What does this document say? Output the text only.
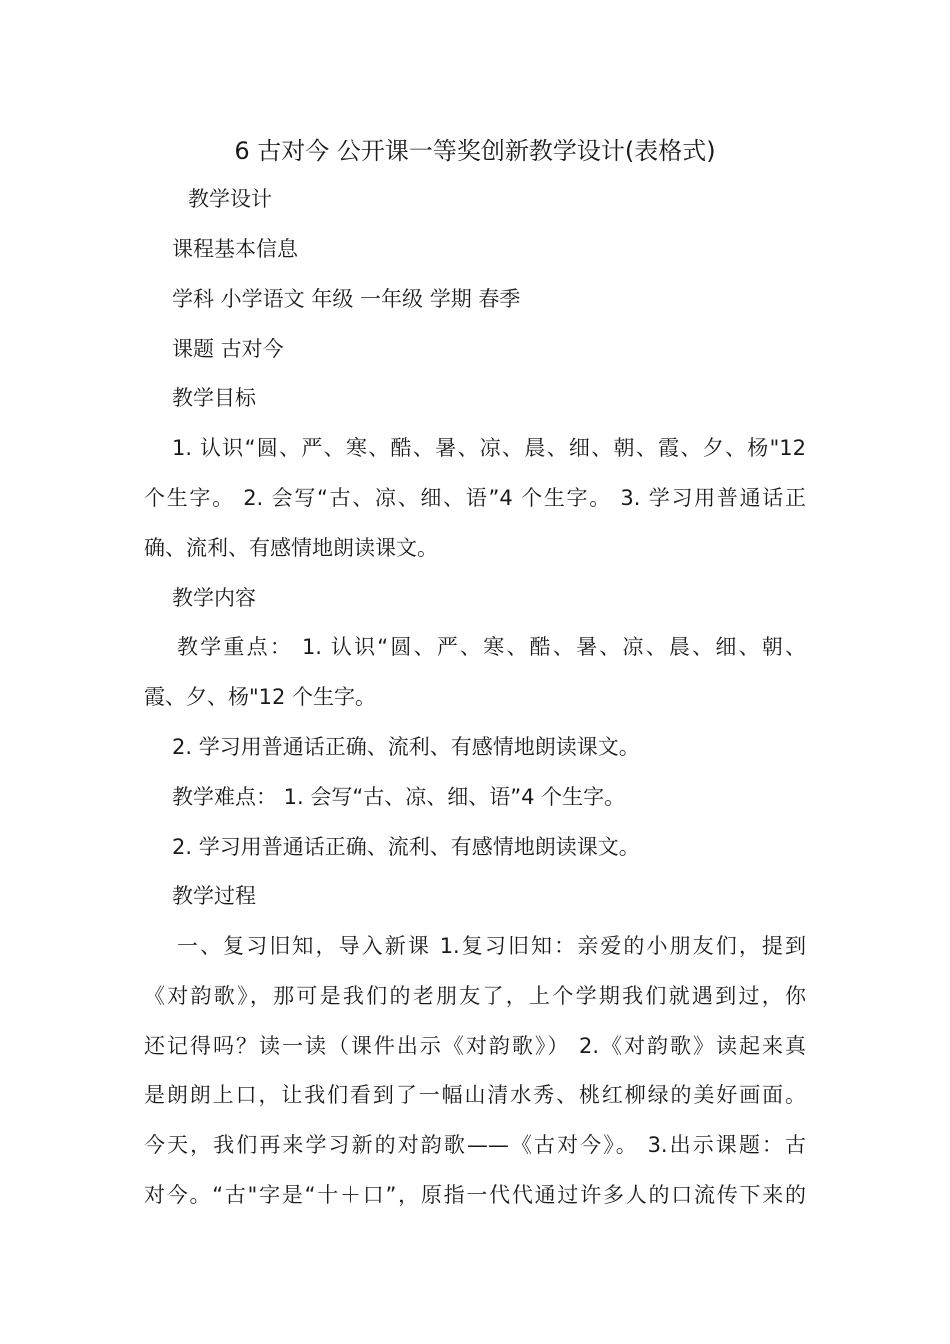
6 古对今 公开课一等奖创新教学设计(表格式)
教学设计
课程基本信息
学科 小学语文 年级 一年级 学期 春季
课题 古对今
教学目标
1. 认识“圆、严、寒、酷、暑、凉、晨、细、朝、霞、夕、杨"12
个生字。 2. 会写“古、凉、细、语”4 个生字。 3. 学习用普通话正
确、流利、有感情地朗读课文。
教学内容
教学重点： 1. 认识“圆、严、寒、酷、暑、凉、晨、细、朝、
霞、夕、杨"12 个生字。
2. 学习用普通话正确、流利、有感情地朗读课文。
教学难点： 1. 会写“古、凉、细、语”4 个生字。
2. 学习用普通话正确、流利、有感情地朗读课文。
教学过程
一、复习旧知，导入新课 1.复习旧知：亲爱的小朋友们，提到
《对韵歌》，那可是我们的老朋友了，上个学期我们就遇到过，你
还记得吗？读一读（课件出示《对韵歌》） 2.《对韵歌》读起来真
是朗朗上口，让我们看到了一幅山清水秀、桃红柳绿的美好画面。
今天，我们再来学习新的对韵歌——《古对今》。 3.出示课题：古
对今。“古"字是“十＋口”，原指一代代通过许多人的口流传下来的
